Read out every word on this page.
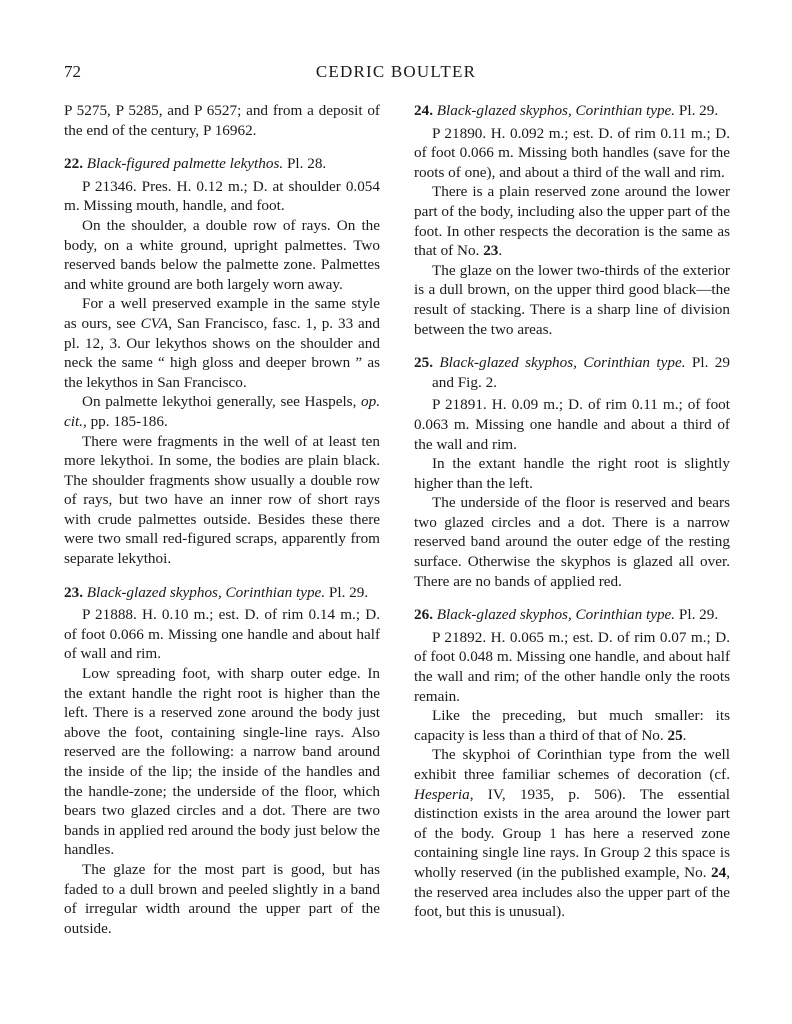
72	CEDRIC BOULTER

P 5275, P 5285, and P 6527; and from a deposit of the end of the century, P 16962.

22. Black-figured palmette lekythos. Pl. 28.

P 21346. Pres. H. 0.12 m.; D. at shoulder 0.054 m. Missing mouth, handle, and foot.

On the shoulder, a double row of rays. On the body, on a white ground, upright palmettes. Two reserved bands below the palmette zone. Palmettes and white ground are both largely worn away.

For a well preserved example in the same style as ours, see CVA, San Francisco, fasc. 1, p. 33 and pl. 12, 3. Our lekythos shows on the shoulder and neck the same “ high gloss and deeper brown ” as the lekythos in San Francisco.

On palmette lekythoi generally, see Haspels, op. cit., pp. 185-186.

There were fragments in the well of at least ten more lekythoi. In some, the bodies are plain black. The shoulder fragments show usually a double row of rays, but two have an inner row of short rays with crude palmettes outside. Besides these there were two small red-figured scraps, apparently from separate lekythoi.

23. Black-glazed skyphos, Corinthian type. Pl. 29.

P 21888. H. 0.10 m.; est. D. of rim 0.14 m.; D. of foot 0.066 m. Missing one handle and about half of wall and rim.

Low spreading foot, with sharp outer edge. In the extant handle the right root is higher than the left. There is a reserved zone around the body just above the foot, containing single-line rays. Also reserved are the following: a narrow band around the inside of the lip; the inside of the handles and the handle-zone; the underside of the floor, which bears two glazed circles and a dot. There are two bands in applied red around the body just below the handles.

The glaze for the most part is good, but has faded to a dull brown and peeled slightly in a band of irregular width around the upper part of the outside.

24. Black-glazed skyphos, Corinthian type. Pl. 29.

P 21890. H. 0.092 m.; est. D. of rim 0.11 m.; D. of foot 0.066 m. Missing both handles (save for the roots of one), and about a third of the wall and rim.

There is a plain reserved zone around the lower part of the body, including also the upper part of the foot. In other respects the decoration is the same as that of No. 23.

The glaze on the lower two-thirds of the exterior is a dull brown, on the upper third good black—the result of stacking. There is a sharp line of division between the two areas.

25. Black-glazed skyphos, Corinthian type. Pl. 29 and Fig. 2.

P 21891. H. 0.09 m.; D. of rim 0.11 m.; of foot 0.063 m. Missing one handle and about a third of the wall and rim.

In the extant handle the right root is slightly higher than the left.

The underside of the floor is reserved and bears two glazed circles and a dot. There is a narrow reserved band around the outer edge of the resting surface. Otherwise the skyphos is glazed all over. There are no bands of applied red.

26. Black-glazed skyphos, Corinthian type. Pl. 29.

P 21892. H. 0.065 m.; est. D. of rim 0.07 m.; D. of foot 0.048 m. Missing one handle, and about half the wall and rim; of the other handle only the roots remain.

Like the preceding, but much smaller: its capacity is less than a third of that of No. 25.

The skyphoi of Corinthian type from the well exhibit three familiar schemes of decoration (cf. Hesperia, IV, 1935, p. 506). The essential distinction exists in the area around the lower part of the body. Group 1 has here a reserved zone containing single line rays. In Group 2 this space is wholly reserved (in the published example, No. 24, the reserved area includes also the upper part of the foot, but this is unusual).
